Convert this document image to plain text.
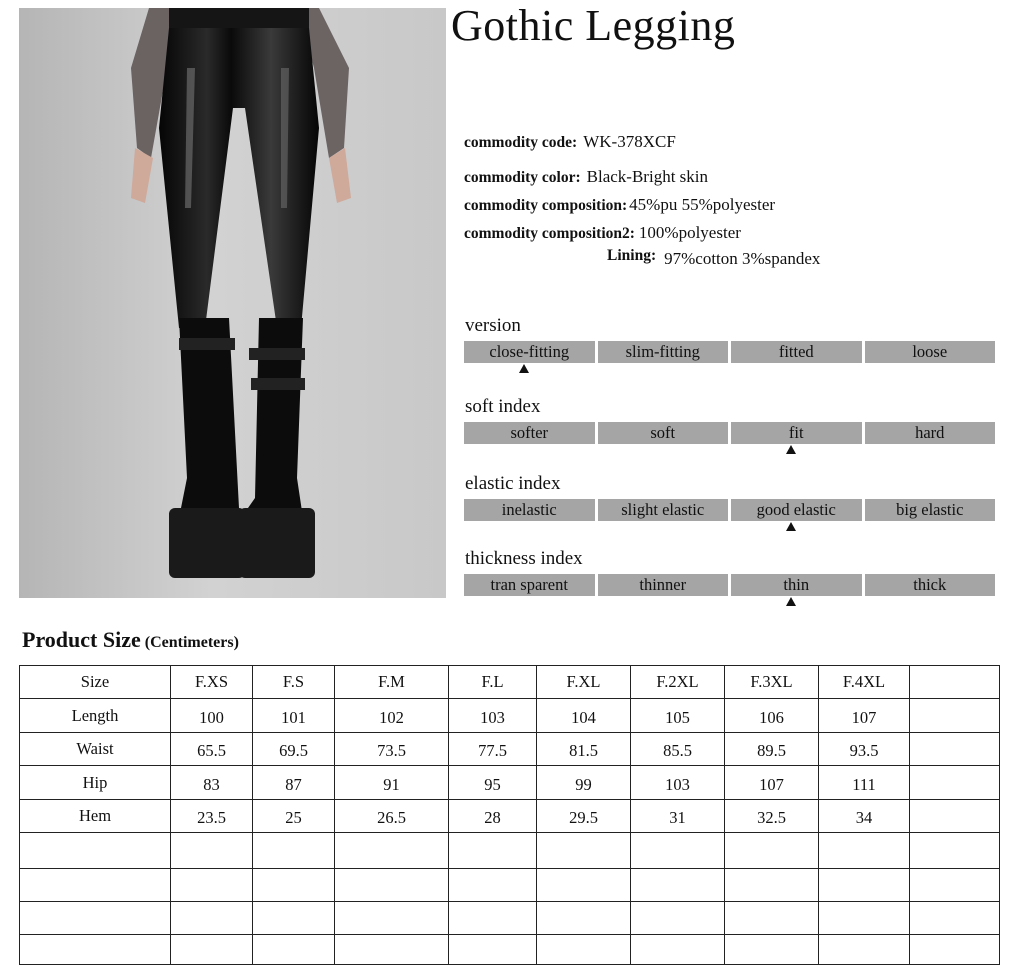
Gothic Legging
commodity code: WK-378XCF
commodity color: Black-Bright skin
commodity composition: 45%pu 55%polyester
commodity composition2: 100%polyester
Lining: 97%cotton 3%spandex
version
close-fitting	slim-fitting	fitted	loose
soft index
softer	soft	fit	hard
elastic index
inelastic	slight elastic	good elastic	big elastic
thickness index
tran sparent	thinner	thin	thick
Product Size (Centimeters)
Size	F.XS	F.S	F.M	F.L	F.XL	F.2XL	F.3XL	F.4XL	
Length	100	101	102	103	104	105	106	107	
Waist	65.5	69.5	73.5	77.5	81.5	85.5	89.5	93.5	
Hip	83	87	91	95	99	103	107	111	
Hem	23.5	25	26.5	28	29.5	31	32.5	34	
